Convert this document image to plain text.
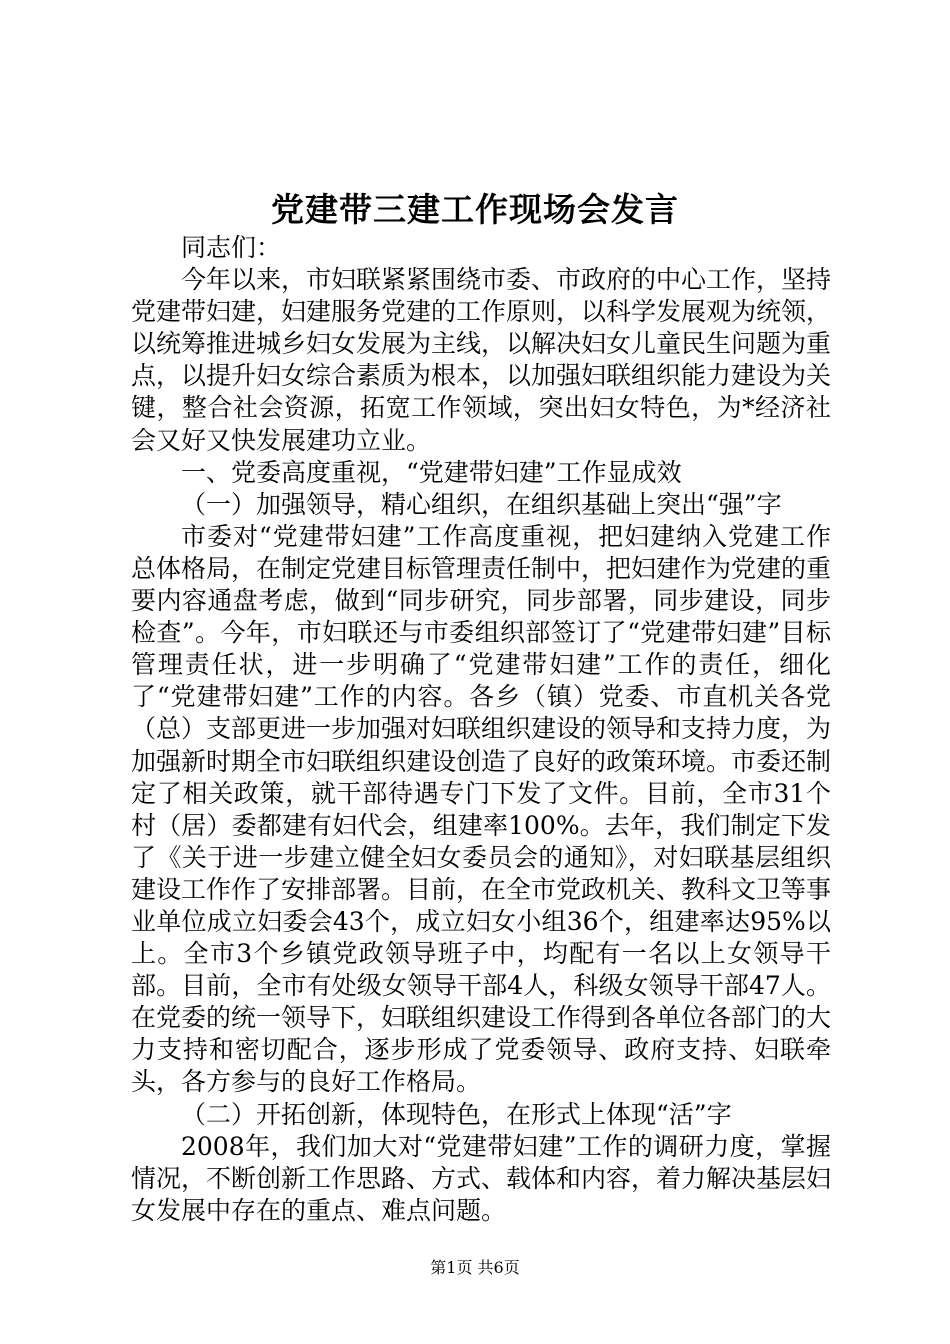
党建带三建工作现场会发言

同志们：

今年以来，市妇联紧紧围绕市委、市政府的中心工作，坚持党建带妇建，妇建服务党建的工作原则，以科学发展观为统领，以统筹推进城乡妇女发展为主线，以解决妇女儿童民生问题为重点，以提升妇女综合素质为根本，以加强妇联组织能力建设为关键，整合社会资源，拓宽工作领域，突出妇女特色，为*经济社会又好又快发展建功立业。

一、党委高度重视，“党建带妇建”工作显成效

（一）加强领导，精心组织，在组织基础上突出“强”字

市委对“党建带妇建”工作高度重视，把妇建纳入党建工作总体格局，在制定党建目标管理责任制中，把妇建作为党建的重要内容通盘考虑，做到“同步研究，同步部署，同步建设，同步检查”。今年，市妇联还与市委组织部签订了“党建带妇建”目标管理责任状，进一步明确了“党建带妇建”工作的责任，细化了“党建带妇建”工作的内容。各乡（镇）党委、市直机关各党（总）支部更进一步加强对妇联组织建设的领导和支持力度，为加强新时期全市妇联组织建设创造了良好的政策环境。市委还制定了相关政策，就干部待遇专门下发了文件。目前，全市31个村（居）委都建有妇代会，组建率100%。去年，我们制定下发了《关于进一步建立健全妇女委员会的通知》，对妇联基层组织建设工作作了安排部署。目前，在全市党政机关、教科文卫等事业单位成立妇委会43个，成立妇女小组36个，组建率达95%以上。全市3个乡镇党政领导班子中，均配有一名以上女领导干部。目前，全市有处级女领导干部4人，科级女领导干部47人。在党委的统一领导下，妇联组织建设工作得到各单位各部门的大力支持和密切配合，逐步形成了党委领导、政府支持、妇联牵头，各方参与的良好工作格局。

（二）开拓创新，体现特色，在形式上体现“活”字

2008年，我们加大对“党建带妇建”工作的调研力度，掌握情况，不断创新工作思路、方式、载体和内容，着力解决基层妇女发展中存在的重点、难点问题。

第1页 共6页
